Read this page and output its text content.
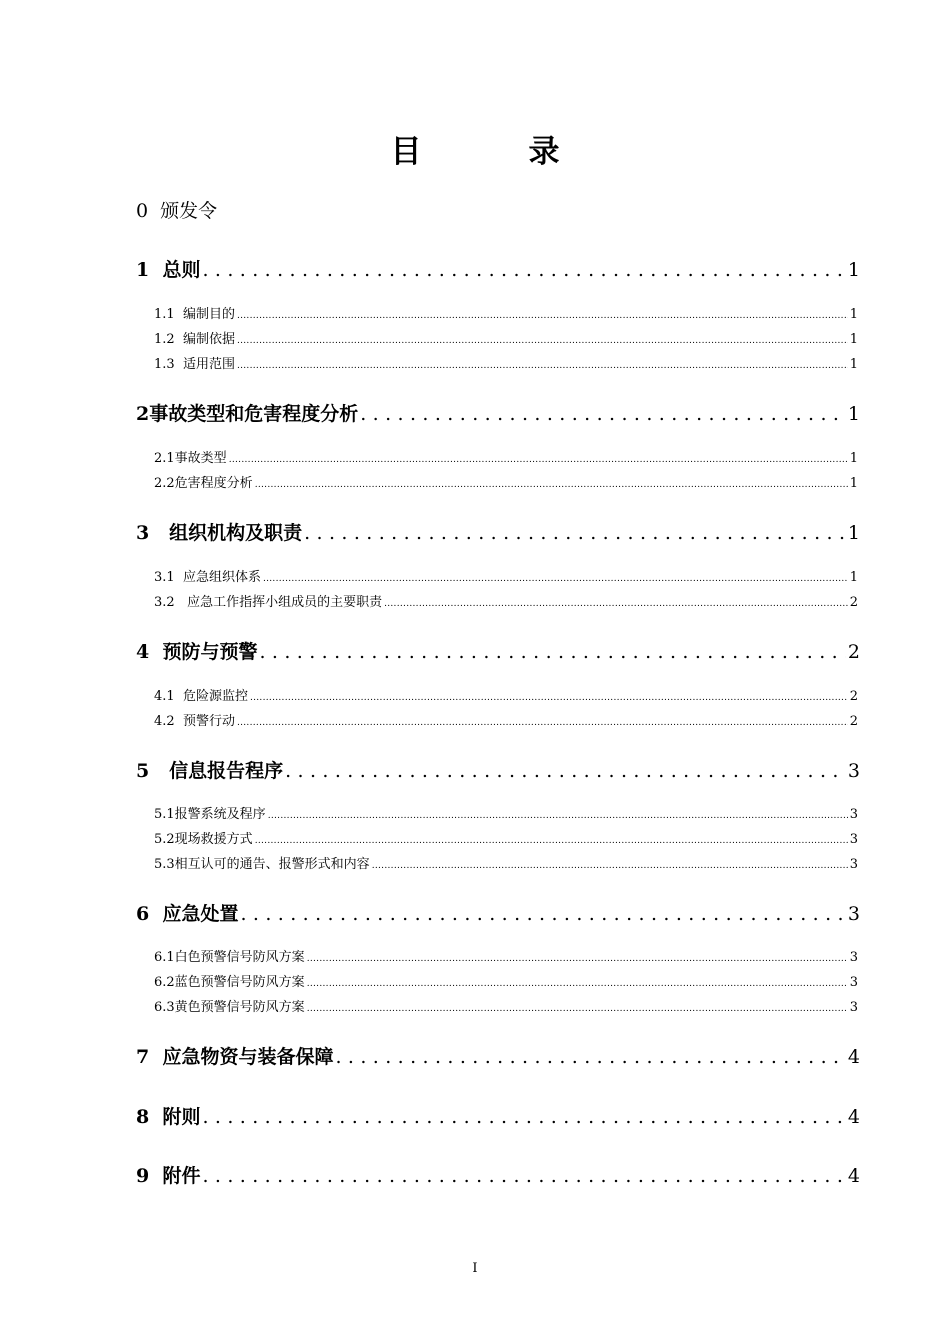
目　录
0  颁发令
1  总则 .....	1
1.1  编制目的 .....	1
1.2  编制依据 .....	1
1.3  适用范围 .....	1
2事故类型和危害程度分析 .....	1
2.1事故类型 .....	1
2.2危害程度分析 .....	1
3   组织机构及职责 .....	1
3.1  应急组织体系 .....	1
3.2   应急工作指挥小组成员的主要职责 .....	2
4  预防与预警 .....	2
4.1  危险源监控 .....	2
4.2  预警行动 .....	2
5   信息报告程序 .....	3
5.1报警系统及程序 .....	3
5.2现场救援方式 .....	3
5.3相互认可的通告、报警形式和内容 .....	3
6  应急处置 .....	3
6.1白色预警信号防风方案 .....	3
6.2蓝色预警信号防风方案 .....	3
6.3黄色预警信号防风方案 .....	3
7  应急物资与装备保障 .....	4
8  附则 .....	4
9  附件 .....	4
I
